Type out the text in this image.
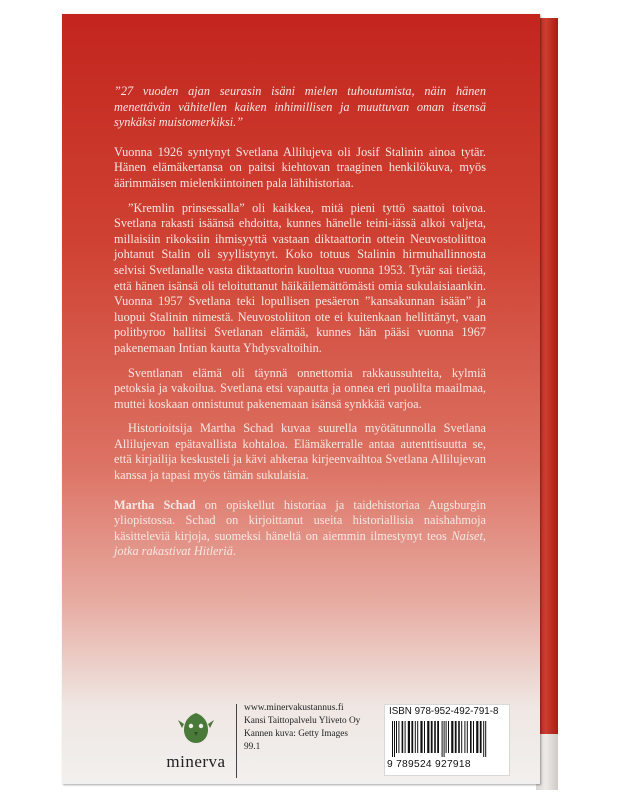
”27 vuoden ajan seurasin isäni mielen tuhoutumista, näin hänen menettävän vähitellen kaiken inhimillisen ja muuttuvan oman itsensä synkäksi muistomerkiksi.”

Vuonna 1926 syntynyt Svetlana Allilujeva oli Josif Stalinin ainoa tytär. Hänen elämäkertansa on paitsi kiehtovan traaginen henkilökuva, myös äärimmäisen mielenkiintoinen pala lähihistoriaa.

”Kremlin prinsessalla” oli kaikkea, mitä pieni tyttö saattoi toivoa. Svetlana rakasti isäänsä ehdoitta, kunnes hänelle teini-iässä alkoi valjeta, millaisiin rikoksiin ihmisyyttä vastaan diktaattorin ottein Neuvostoliittoa johtanut Stalin oli syyllistynyt. Koko totuus Stalinin hirmuhallinnosta selvisi Svetlanalle vasta diktaattorin kuoltua vuonna 1953. Tytär sai tietää, että hänen isänsä oli teloituttanut häikäilemättömästi omia sukulaisiaankin. Vuonna 1957 Svetlana teki lopullisen pesäeron ”kansakunnan isään” ja luopui Stalinin nimestä. Neuvostoliiton ote ei kuitenkaan hellittänyt, vaan politbyroo hallitsi Svetlanan elämää, kunnes hän pääsi vuonna 1967 pakenemaan Intian kautta Yhdysvaltoihin.

Sventlanan elämä oli täynnä onnettomia rakkaussuhteita, kylmiä petoksia ja vakoilua. Svetlana etsi vapautta ja onnea eri puolilta maailmaa, muttei koskaan onnistunut pakenemaan isänsä synkkää varjoa.

Historioitsija Martha Schad kuvaa suurella myötätunnolla Svetlana Allilujevan epätavallista kohtaloa. Elämäkerralle antaa autenttisuutta se, että kirjailija keskusteli ja kävi ahkeraa kirjeenvaihtoa Svetlana Allilujevan kanssa ja tapasi myös tämän sukulaisia.

Martha Schad on opiskellut historiaa ja taidehistoriaa Augsburgin yliopistossa. Schad on kirjoittanut useita historiallisia naishahmoja käsitteleviä kirjoja, suomeksi häneltä on aiemmin ilmestynyt teos Naiset, jotka rakastivat Hitleriä.

minerva
www.minervakustannus.fi
Kansi Taittopalvelu Yliveto Oy
Kannen kuva: Getty Images
99.1
ISBN 978-952-492-791-8
9 789524 927918
